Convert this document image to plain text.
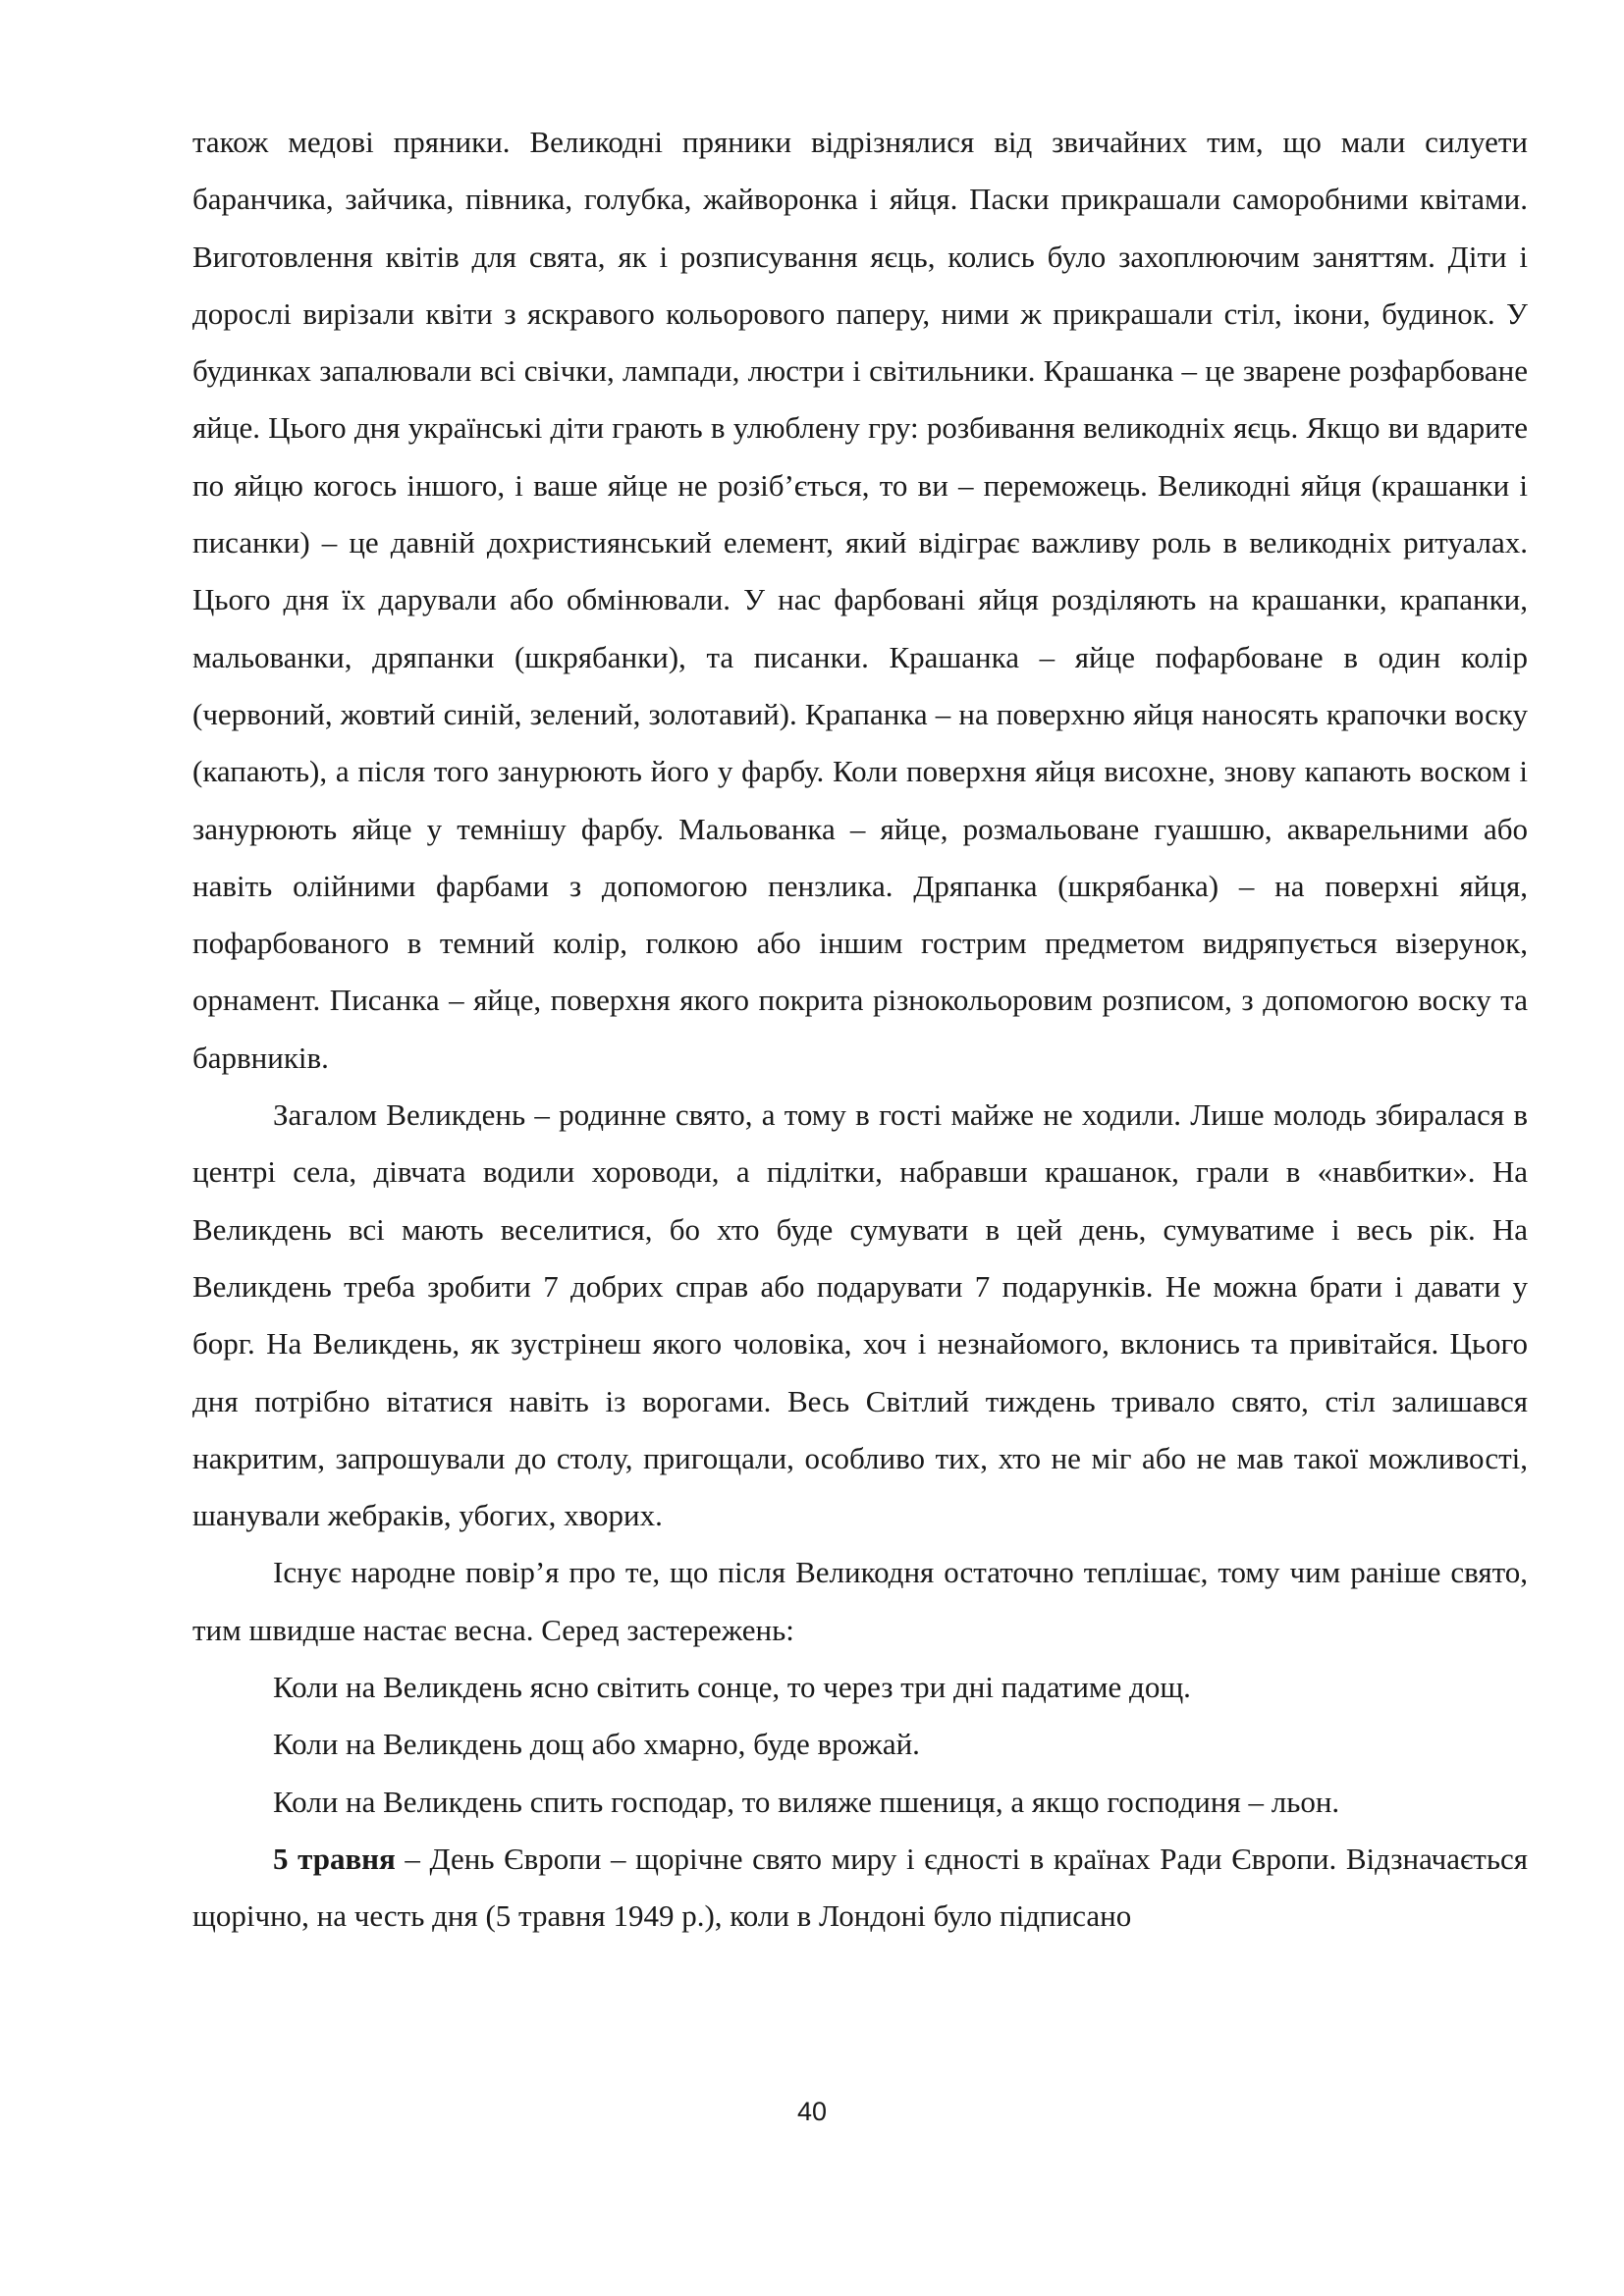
також медові пряники. Великодні пряники відрізнялися від звичайних тим, що мали силуети баранчика, зайчика, півника, голубка, жайворонка і яйця. Паски прикрашали саморобними квітами. Виготовлення квітів для свята, як і розписування яєць, колись було захоплюючим заняттям. Діти і дорослі вирізали квіти з яскравого кольорового паперу, ними ж прикрашали стіл, ікони, будинок. У будинках запалювали всі свічки, лампади, люстри і світильники. Крашанка – це зварене розфарбоване яйце. Цього дня українські діти грають в улюблену гру: розбивання великодніх яєць. Якщо ви вдарите по яйцю когось іншого, і ваше яйце не розіб’ється, то ви – переможець. Великодні яйця (крашанки і писанки) – це давній дохристиянський елемент, який відіграє важливу роль в великодніх ритуалах. Цього дня їх дарували або обмінювали. У нас фарбовані яйця розділяють на крашанки, крапанки, мальованки, дряпанки (шкрябанки), та писанки. Крашанка – яйце пофарбоване в один колір (червоний, жовтий синій, зелений, золотавий). Крапанка – на поверхню яйця наносять крапочки воску (капають), а після того занурюють його у фарбу. Коли поверхня яйця висохне, знову капають воском і занурюють яйце у темнішу фарбу. Мальованка – яйце, розмальоване гуашшю, акварельними або навіть олійними фарбами з допомогою пензлика. Дряпанка (шкрябанка) – на поверхні яйця, пофарбованого в темний колір, голкою або іншим гострим предметом видряпується візерунок, орнамент. Писанка – яйце, поверхня якого покрита різнокольоровим розписом, з допомогою воску та барвників.

Загалом Великдень – родинне свято, а тому в гості майже не ходили. Лише молодь збиралася в центрі села, дівчата водили хороводи, а підлітки, набравши крашанок, грали в «навбитки». На Великдень всі мають веселитися, бо хто буде сумувати в цей день, сумуватиме і весь рік. На Великдень треба зробити 7 добрих справ або подарувати 7 подарунків. Не можна брати і давати у борг. На Великдень, як зустрінеш якого чоловіка, хоч і незнайомого, вклонись та привітайся. Цього дня потрібно вітатися навіть із ворогами. Весь Світлий тиждень тривало свято, стіл залишався накритим, запрошували до столу, пригощали, особливо тих, хто не міг або не мав такої можливості, шанували жебраків, убогих, хворих.

Існує народне повір’я про те, що після Великодня остаточно теплішає, тому чим раніше свято, тим швидше настає весна. Серед застережень:

Коли на Великдень ясно світить сонце, то через три дні падатиме дощ.

Коли на Великдень дощ або хмарно, буде врожай.

Коли на Великдень спить господар, то виляже пшениця, а якщо господиня – льон.

5 травня – День Європи – щорічне свято миру і єдності в країнах Ради Європи. Відзначається щорічно, на честь дня (5 травня 1949 р.), коли в Лондоні було підписано

40
